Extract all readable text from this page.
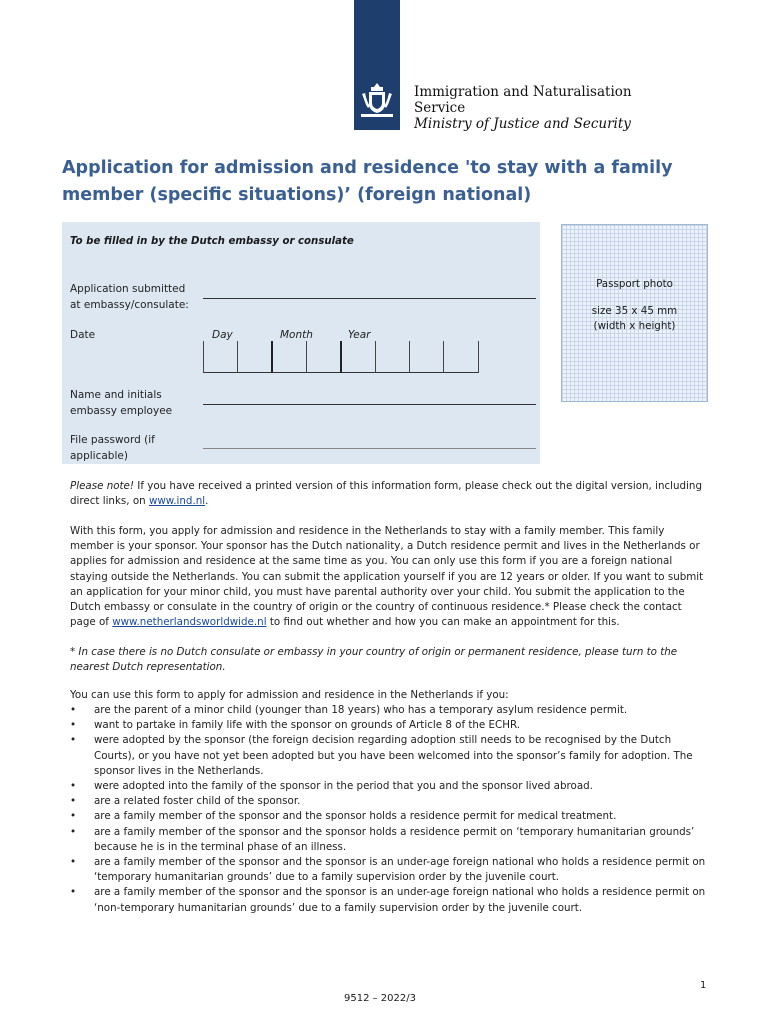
Immigration and Naturalisation
Service
Ministry of Justice and Security
Application for admission and residence 'to stay with a family
member (specific situations)’ (foreign national)
To be filled in by the Dutch embassy or consulate
Application submitted
at embassy/consulate:
Date	Day	Month	Year
Name and initials
embassy employee
File password (if
applicable)
Passport photo
size 35 x 45 mm
(width x height)
Please note! If you have received a printed version of this information form, please check out the digital version, including direct links, on www.ind.nl.
With this form, you apply for admission and residence in the Netherlands to stay with a family member. This family member is your sponsor. Your sponsor has the Dutch nationality, a Dutch residence permit and lives in the Netherlands or applies for admission and residence at the same time as you. You can only use this form if you are a foreign national staying outside the Netherlands. You can submit the application yourself if you are 12 years or older. If you want to submit an application for your minor child, you must have parental authority over your child. You submit the application to the Dutch embassy or consulate in the country of origin or the country of continuous residence.* Please check the contact page of www.netherlandsworldwide.nl to find out whether and how you can make an appointment for this.
* In case there is no Dutch consulate or embassy in your country of origin or permanent residence, please turn to the nearest Dutch representation.
You can use this form to apply for admission and residence in the Netherlands if you:
• are the parent of a minor child (younger than 18 years) who has a temporary asylum residence permit.
• want to partake in family life with the sponsor on grounds of Article 8 of the ECHR.
• were adopted by the sponsor (the foreign decision regarding adoption still needs to be recognised by the Dutch Courts), or you have not yet been adopted but you have been welcomed into the sponsor’s family for adoption. The sponsor lives in the Netherlands.
• were adopted into the family of the sponsor in the period that you and the sponsor lived abroad.
• are a related foster child of the sponsor.
• are a family member of the sponsor and the sponsor holds a residence permit for medical treatment.
• are a family member of the sponsor and the sponsor holds a residence permit on ‘temporary humanitarian grounds’ because he is in the terminal phase of an illness.
• are a family member of the sponsor and the sponsor is an under-age foreign national who holds a residence permit on ‘temporary humanitarian grounds’ due to a family supervision order by the juvenile court.
• are a family member of the sponsor and the sponsor is an under-age foreign national who holds a residence permit on ‘non-temporary humanitarian grounds’ due to a family supervision order by the juvenile court.
1
9512 – 2022/3
